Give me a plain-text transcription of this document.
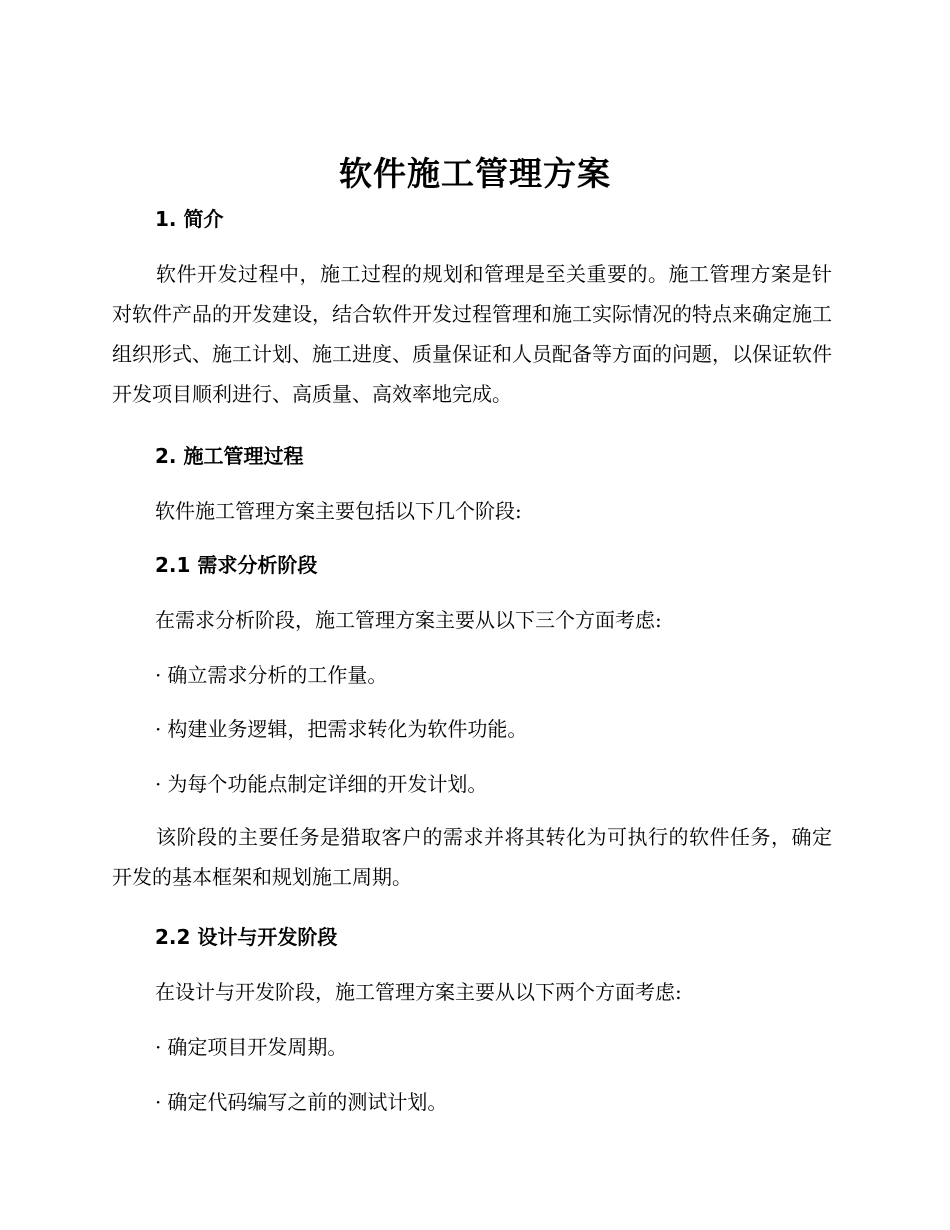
软件施工管理方案
1. 简介
软件开发过程中，施工过程的规划和管理是至关重要的。施工管理方案是针对软件产品的开发建设，结合软件开发过程管理和施工实际情况的特点来确定施工组织形式、施工计划、施工进度、质量保证和人员配备等方面的问题，以保证软件开发项目顺利进行、高质量、高效率地完成。
2. 施工管理过程
软件施工管理方案主要包括以下几个阶段:
2.1 需求分析阶段
在需求分析阶段，施工管理方案主要从以下三个方面考虑:
· 确立需求分析的工作量。
· 构建业务逻辑，把需求转化为软件功能。
· 为每个功能点制定详细的开发计划。
该阶段的主要任务是猎取客户的需求并将其转化为可执行的软件任务，确定开发的基本框架和规划施工周期。
2.2 设计与开发阶段
在设计与开发阶段，施工管理方案主要从以下两个方面考虑:
· 确定项目开发周期。
· 确定代码编写之前的测试计划。
